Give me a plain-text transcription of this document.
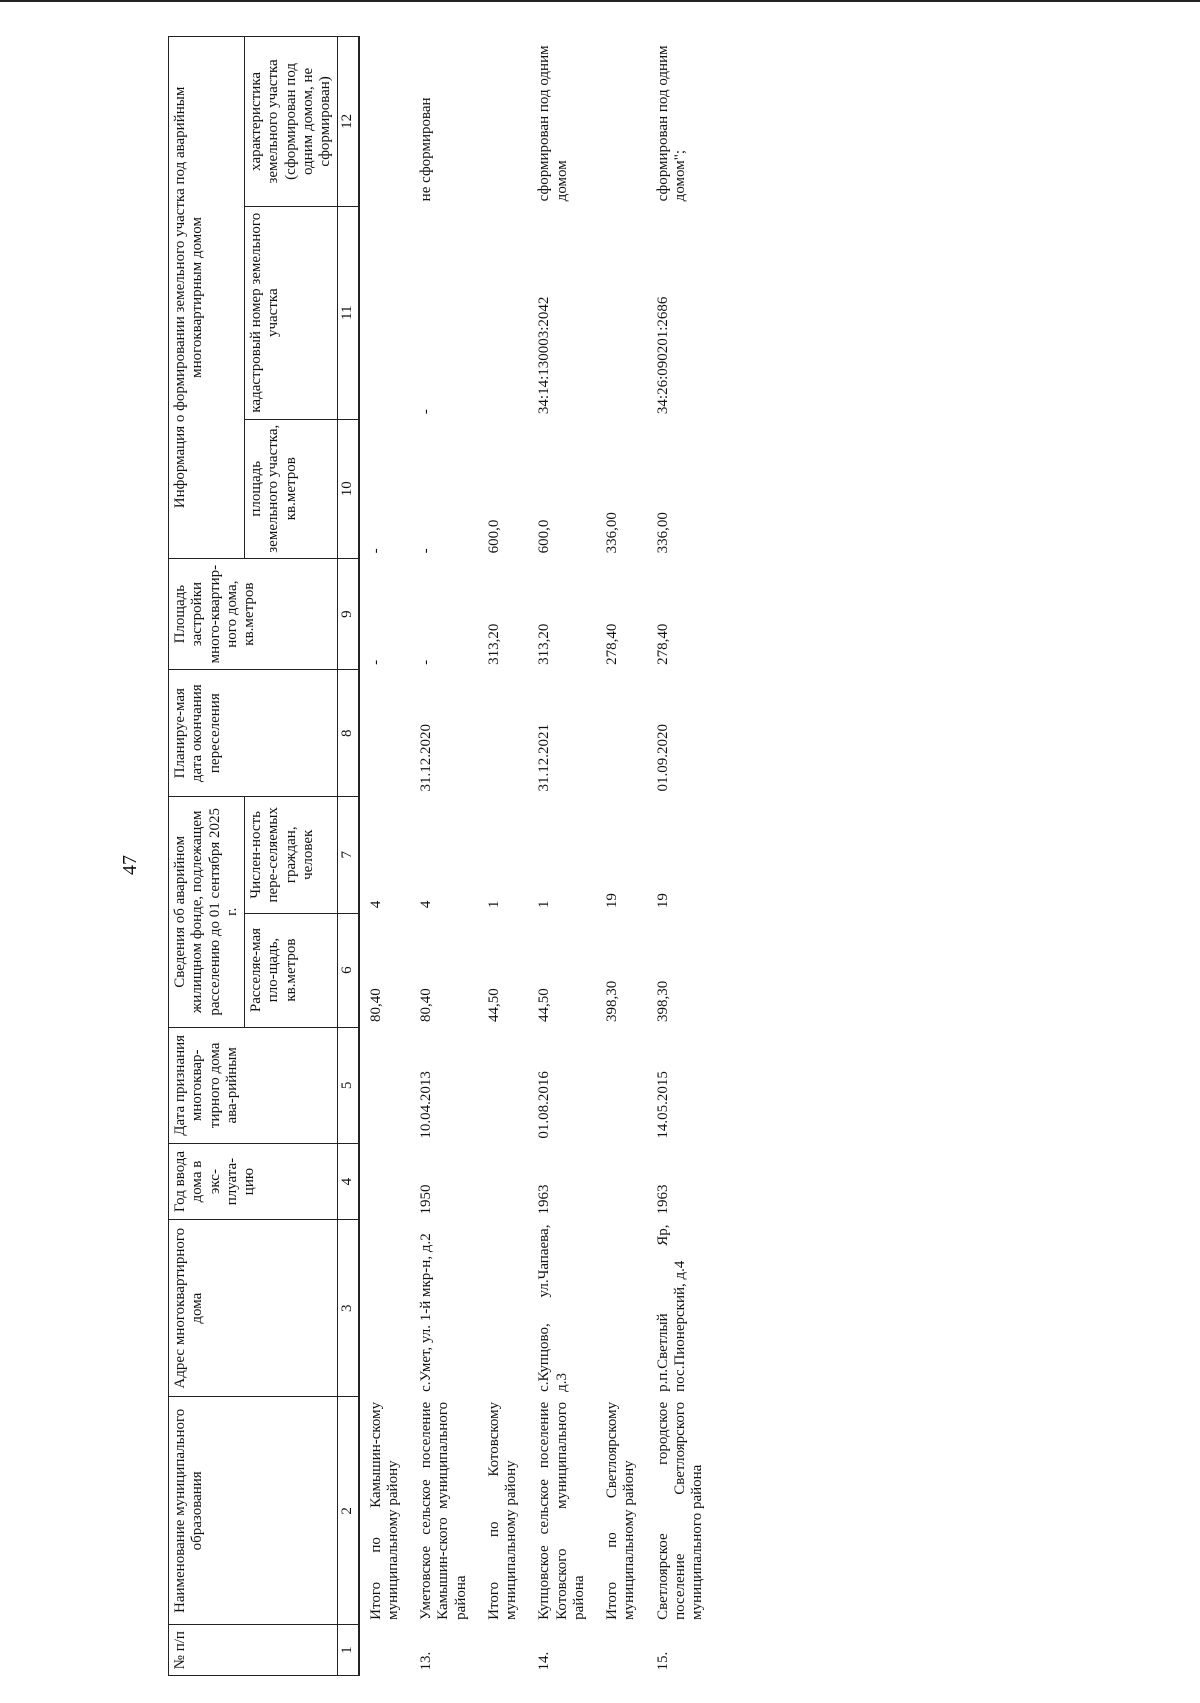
47
№ п/п	Наименование муниципального образования	Адрес многоквартирного дома	Год ввода дома в экс-плуата-цию	Дата признания многоквар-тирного дома ава-рийным	Сведения об аварийном жилищном фонде, подлежащем расселению до 01 сентября 2025 г.		Планируе-мая дата окончания переселения	Площадь застройки много-квартир-ного дома, кв.метров	Информация о формировании земельного участка под аварийным многоквартирным домом		
					Расселяе-мая пло-щадь, кв.метров	Числен-ность пере-селяемых граждан, человек			площадь земельного участка, кв.метров	кадастровый номер земельного участка	характеристика земельного участка (сформирован под одним домом, не сформирован)
1	2	3	4	5	6	7	8	9	10	11	12
	Итого по Камышин-скому муниципальному району				80,40	4		-	-		
13.	Уметовское сельское поселение Камышин-ского муниципального района	с.Умет, ул. 1-й мкр-н, д.2	1950	10.04.2013	80,40	4	31.12.2020	-	-	-	не сформирован
	Итого по Котовскому муниципальному району				44,50	1		313,20	600,0		
14.	Купцовское сельское поселение Котовского муниципального района	с.Купцово, ул.Чапаева, д.3	1963	01.08.2016	44,50	1	31.12.2021	313,20	600,0	34:14:130003:2042	сформирован под одним домом
	Итого по Светлоярскому муниципальному району				398,30	19		278,40	336,00		
15.	Светлоярское городское поселение Светлоярского муниципального района	р.п.Светлый Яр, пос.Пионерский, д.4	1963	14.05.2015	398,30	19	01.09.2020	278,40	336,00	34:26:090201:2686	сформирован под одним домом";
